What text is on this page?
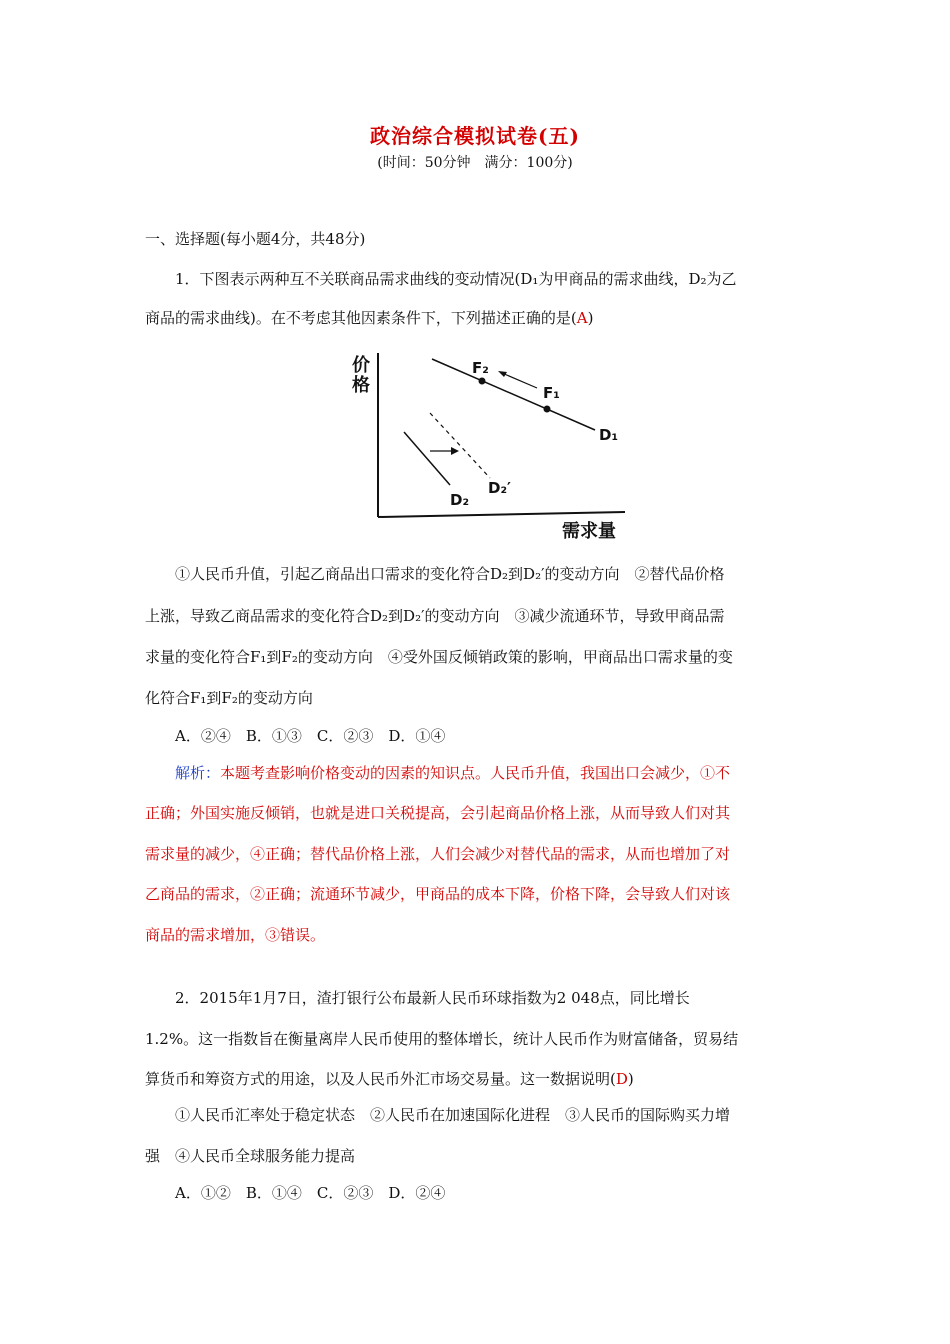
政治综合模拟试卷(五)
(时间：50分钟　满分：100分)
一、选择题(每小题4分，共48分)
1．下图表示两种互不关联商品需求曲线的变动情况(D₁为甲商品的需求曲线，D₂为乙
商品的需求曲线)。在不考虑其他因素条件下，下列描述正确的是(A)
价
格
需求量
F₂
F₁
D₁
D₂
D₂′
①人民币升值，引起乙商品出口需求的变化符合D₂到D₂′的变动方向　②替代品价格
上涨，导致乙商品需求的变化符合D₂到D₂′的变动方向　③减少流通环节，导致甲商品需
求量的变化符合F₁到F₂的变动方向　④受外国反倾销政策的影响，甲商品出口需求量的变
化符合F₁到F₂的变动方向
A．②④　B．①③　C．②③　D．①④
解析：本题考查影响价格变动的因素的知识点。人民币升值，我国出口会减少，①不
正确；外国实施反倾销，也就是进口关税提高，会引起商品价格上涨，从而导致人们对其
需求量的减少，④正确；替代品价格上涨，人们会减少对替代品的需求，从而也增加了对
乙商品的需求，②正确；流通环节减少，甲商品的成本下降，价格下降，会导致人们对该
商品的需求增加，③错误。
2．2015年1月7日，渣打银行公布最新人民币环球指数为2 048点，同比增长
1.2%。这一指数旨在衡量离岸人民币使用的整体增长，统计人民币作为财富储备，贸易结
算货币和筹资方式的用途，以及人民币外汇市场交易量。这一数据说明(D)
①人民币汇率处于稳定状态　②人民币在加速国际化进程　③人民币的国际购买力增
强　④人民币全球服务能力提高
A．①②　B．①④　C．②③　D．②④
